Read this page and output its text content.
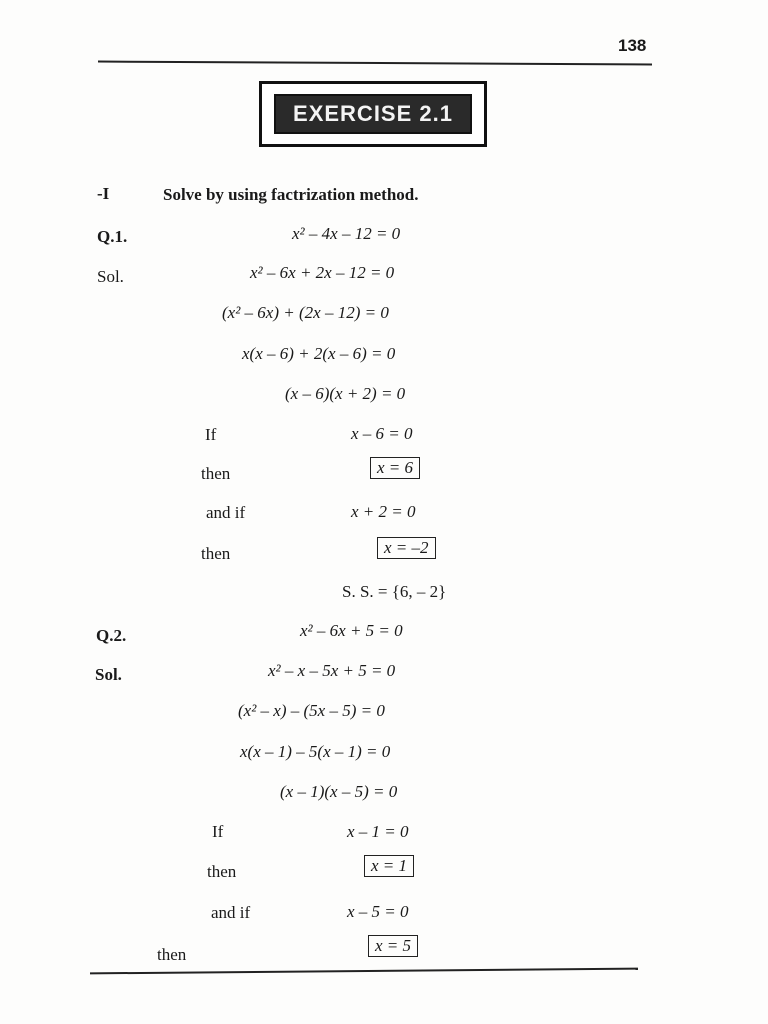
138
EXERCISE 2.1
-I	Solve by using factrization method.
Q.1.	x² – 4x – 12 = 0
Sol.	x² – 6x + 2x – 12 = 0
(x² – 6x) + (2x – 12) = 0
x(x – 6) + 2(x – 6) = 0
(x – 6)(x + 2) = 0
If	x – 6 = 0
then	x = 6
and if	x + 2 = 0
then	x = –2
S. S. = {6, – 2}
Q.2.	x² – 6x + 5 = 0
Sol.	x² – x – 5x + 5 = 0
(x² – x) – (5x – 5) = 0
x(x – 1) – 5(x – 1) = 0
(x – 1)(x – 5) = 0
If	x – 1 = 0
then	x = 1
and if	x – 5 = 0
then	x = 5
